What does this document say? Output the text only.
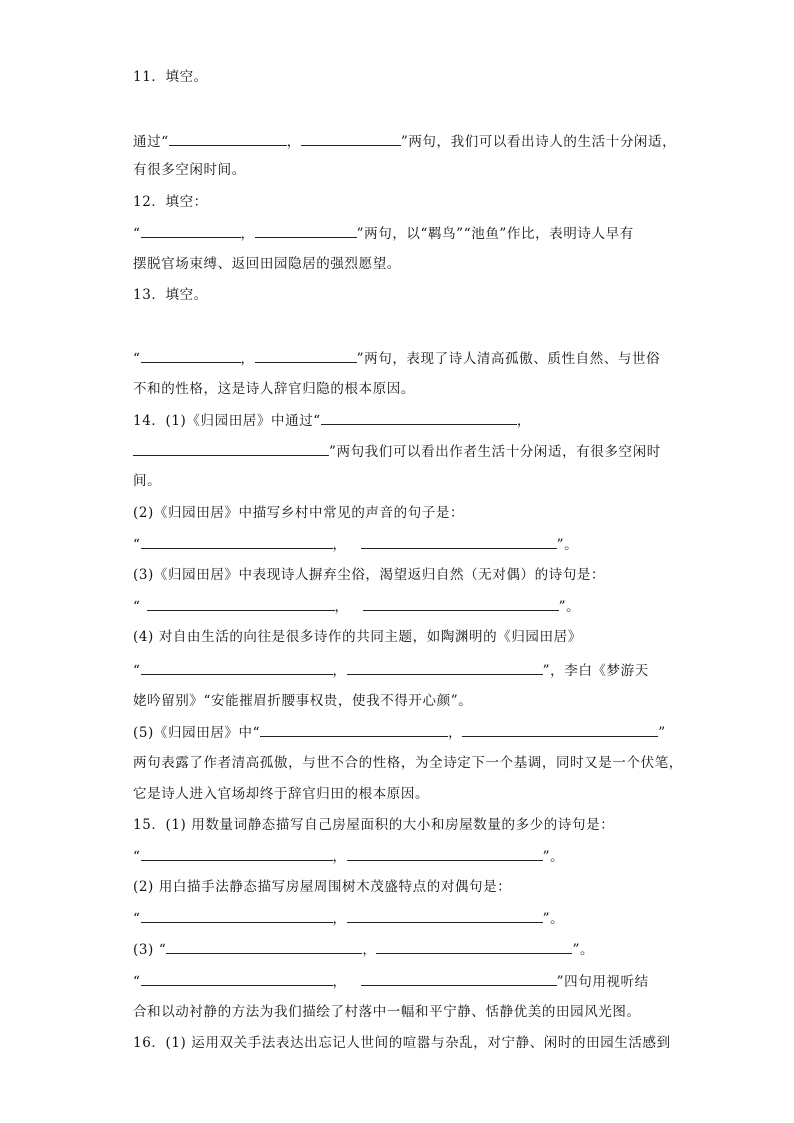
11．填空。
通过“	，	”两句，我们可以看出诗人的生活十分闲适，
有很多空闲时间。
12．填空：
“	，	”两句，以“羁鸟”“池鱼”作比，表明诗人早有
摆脱官场束缚、返回田园隐居的强烈愿望。
13．填空。
“	，	”两句，表现了诗人清高孤傲、质性自然、与世俗
不和的性格，这是诗人辞官归隐的根本原因。
14．(1)《归园田居》中通过“	，
”两句我们可以看出作者生活十分闲适，有很多空闲时
间。
(2)《归园田居》中描写乡村中常见的声音的句子是：
“	，	”。
(3)《归园田居》中表现诗人摒弃尘俗，渴望返归自然（无对偶）的诗句是：
“	，	”。
(4) 对自由生活的向往是很多诗作的共同主题，如陶渊明的《归园田居》
“	，	”，李白《梦游天
姥吟留别》“安能摧眉折腰事权贵，使我不得开心颜”。
(5)《归园田居》中“	，	”
两句表露了作者清高孤傲，与世不合的性格，为全诗定下一个基调，同时又是一个伏笔，
它是诗人进入官场却终于辞官归田的根本原因。
15．(1) 用数量词静态描写自己房屋面积的大小和房屋数量的多少的诗句是：
“	，	”。
(2) 用白描手法静态描写房屋周围树木茂盛特点的对偶句是：
“	，	”。
(3) “	，	”。
“	，	”四句用视听结
合和以动衬静的方法为我们描绘了村落中一幅和平宁静、恬静优美的田园风光图。
16．(1) 运用双关手法表达出忘记人世间的喧嚣与杂乱，对宁静、闲时的田园生活感到
